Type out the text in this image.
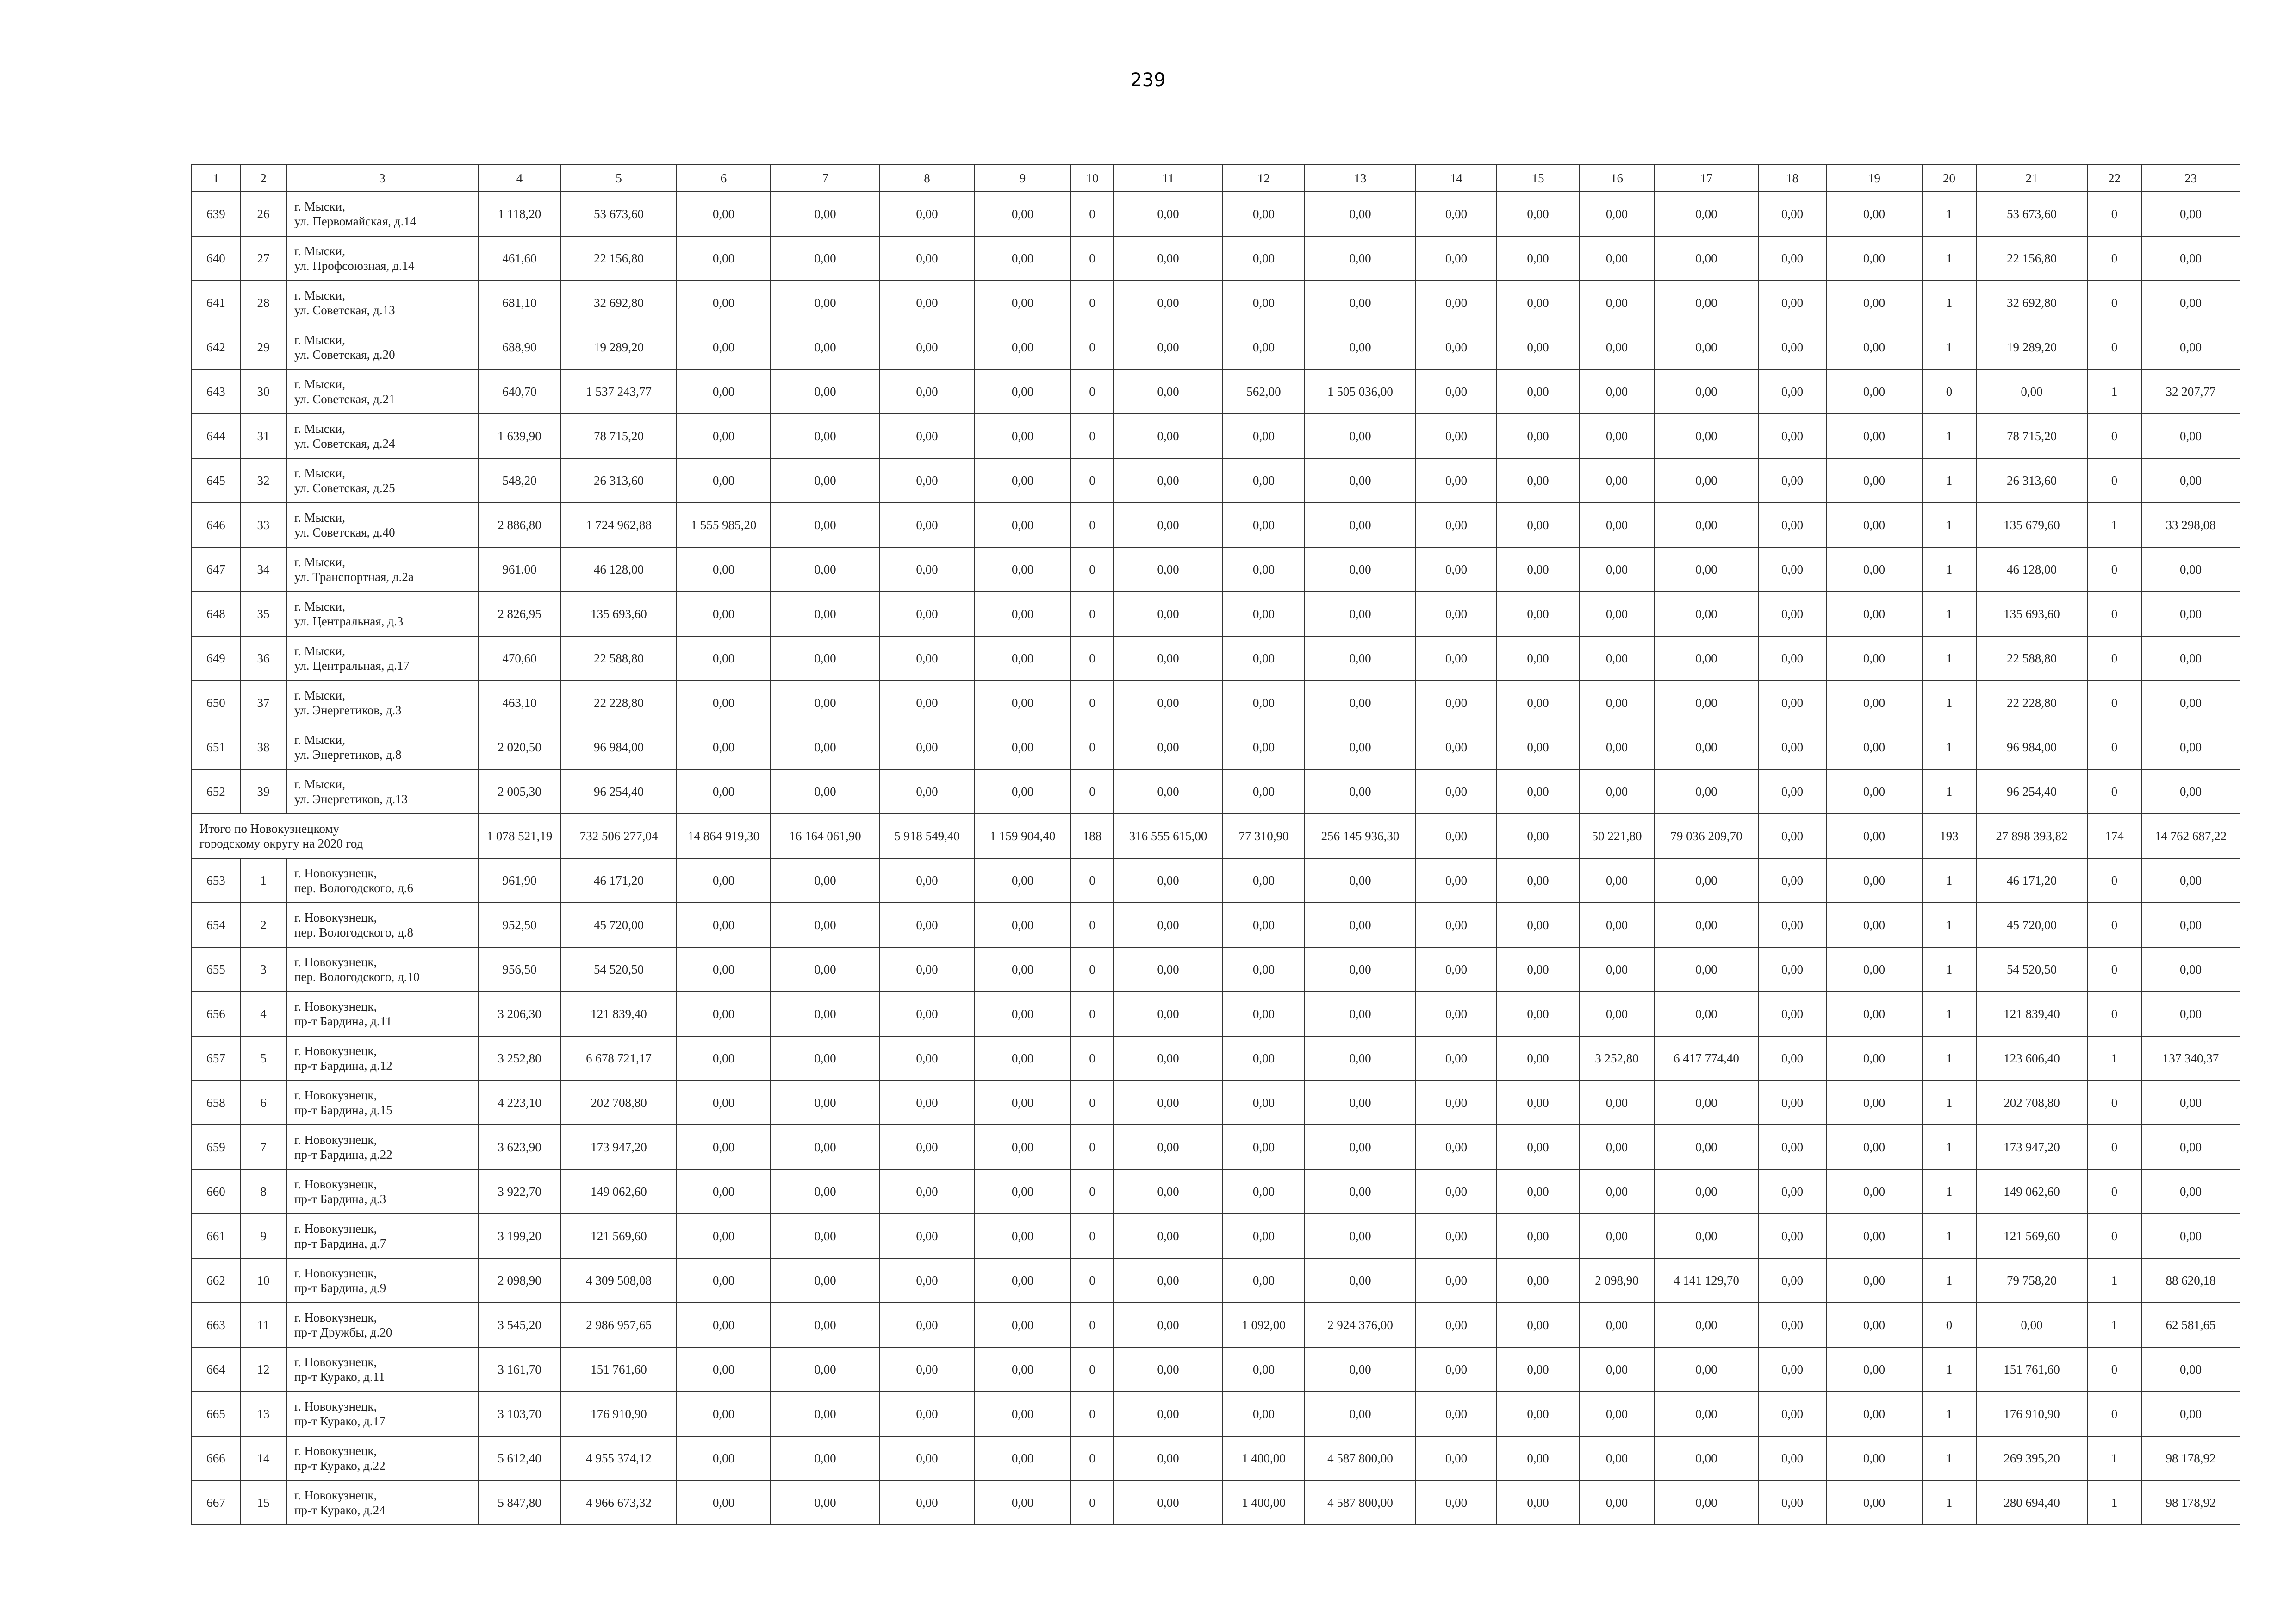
239
1	2	3	4	5	6	7	8	9	10	11	12	13	14	15	16	17	18	19	20	21	22	23
639	26	г. Мыски,
ул. Первомайская, д.14	1 118,20	53 673,60	0,00	0,00	0,00	0,00	0	0,00	0,00	0,00	0,00	0,00	0,00	0,00	0,00	0,00	1	53 673,60	0	0,00
640	27	г. Мыски,
ул. Профсоюзная, д.14	461,60	22 156,80	0,00	0,00	0,00	0,00	0	0,00	0,00	0,00	0,00	0,00	0,00	0,00	0,00	0,00	1	22 156,80	0	0,00
641	28	г. Мыски,
ул. Советская, д.13	681,10	32 692,80	0,00	0,00	0,00	0,00	0	0,00	0,00	0,00	0,00	0,00	0,00	0,00	0,00	0,00	1	32 692,80	0	0,00
642	29	г. Мыски,
ул. Советская, д.20	688,90	19 289,20	0,00	0,00	0,00	0,00	0	0,00	0,00	0,00	0,00	0,00	0,00	0,00	0,00	0,00	1	19 289,20	0	0,00
643	30	г. Мыски,
ул. Советская, д.21	640,70	1 537 243,77	0,00	0,00	0,00	0,00	0	0,00	562,00	1 505 036,00	0,00	0,00	0,00	0,00	0,00	0,00	0	0,00	1	32 207,77
644	31	г. Мыски,
ул. Советская, д.24	1 639,90	78 715,20	0,00	0,00	0,00	0,00	0	0,00	0,00	0,00	0,00	0,00	0,00	0,00	0,00	0,00	1	78 715,20	0	0,00
645	32	г. Мыски,
ул. Советская, д.25	548,20	26 313,60	0,00	0,00	0,00	0,00	0	0,00	0,00	0,00	0,00	0,00	0,00	0,00	0,00	0,00	1	26 313,60	0	0,00
646	33	г. Мыски,
ул. Советская, д.40	2 886,80	1 724 962,88	1 555 985,20	0,00	0,00	0,00	0	0,00	0,00	0,00	0,00	0,00	0,00	0,00	0,00	0,00	1	135 679,60	1	33 298,08
647	34	г. Мыски,
ул. Транспортная, д.2а	961,00	46 128,00	0,00	0,00	0,00	0,00	0	0,00	0,00	0,00	0,00	0,00	0,00	0,00	0,00	0,00	1	46 128,00	0	0,00
648	35	г. Мыски,
ул. Центральная, д.3	2 826,95	135 693,60	0,00	0,00	0,00	0,00	0	0,00	0,00	0,00	0,00	0,00	0,00	0,00	0,00	0,00	1	135 693,60	0	0,00
649	36	г. Мыски,
ул. Центральная, д.17	470,60	22 588,80	0,00	0,00	0,00	0,00	0	0,00	0,00	0,00	0,00	0,00	0,00	0,00	0,00	0,00	1	22 588,80	0	0,00
650	37	г. Мыски,
ул. Энергетиков, д.3	463,10	22 228,80	0,00	0,00	0,00	0,00	0	0,00	0,00	0,00	0,00	0,00	0,00	0,00	0,00	0,00	1	22 228,80	0	0,00
651	38	г. Мыски,
ул. Энергетиков, д.8	2 020,50	96 984,00	0,00	0,00	0,00	0,00	0	0,00	0,00	0,00	0,00	0,00	0,00	0,00	0,00	0,00	1	96 984,00	0	0,00
652	39	г. Мыски,
ул. Энергетиков, д.13	2 005,30	96 254,40	0,00	0,00	0,00	0,00	0	0,00	0,00	0,00	0,00	0,00	0,00	0,00	0,00	0,00	1	96 254,40	0	0,00

Итого по Новокузнецкому
городскому округу на 2020 год			1 078 521,19	732 506 277,04	14 864 919,30	16 164 061,90	5 918 549,40	1 159 904,40	188	316 555 615,00	77 310,90	256 145 936,30	0,00	0,00	50 221,80	79 036 209,70	0,00	0,00	193	27 898 393,82	174	14 762 687,22
653	1	г. Новокузнецк,
пер. Вологодского, д.6	961,90	46 171,20	0,00	0,00	0,00	0,00	0	0,00	0,00	0,00	0,00	0,00	0,00	0,00	0,00	0,00	1	46 171,20	0	0,00
654	2	г. Новокузнецк,
пер. Вологодского, д.8	952,50	45 720,00	0,00	0,00	0,00	0,00	0	0,00	0,00	0,00	0,00	0,00	0,00	0,00	0,00	0,00	1	45 720,00	0	0,00
655	3	г. Новокузнецк,
пер. Вологодского, д.10	956,50	54 520,50	0,00	0,00	0,00	0,00	0	0,00	0,00	0,00	0,00	0,00	0,00	0,00	0,00	0,00	1	54 520,50	0	0,00
656	4	г. Новокузнецк,
пр-т Бардина, д.11	3 206,30	121 839,40	0,00	0,00	0,00	0,00	0	0,00	0,00	0,00	0,00	0,00	0,00	0,00	0,00	0,00	1	121 839,40	0	0,00
657	5	г. Новокузнецк,
пр-т Бардина, д.12	3 252,80	6 678 721,17	0,00	0,00	0,00	0,00	0	0,00	0,00	0,00	0,00	0,00	3 252,80	6 417 774,40	0,00	0,00	1	123 606,40	1	137 340,37
658	6	г. Новокузнецк,
пр-т Бардина, д.15	4 223,10	202 708,80	0,00	0,00	0,00	0,00	0	0,00	0,00	0,00	0,00	0,00	0,00	0,00	0,00	0,00	1	202 708,80	0	0,00
659	7	г. Новокузнецк,
пр-т Бардина, д.22	3 623,90	173 947,20	0,00	0,00	0,00	0,00	0	0,00	0,00	0,00	0,00	0,00	0,00	0,00	0,00	0,00	1	173 947,20	0	0,00
660	8	г. Новокузнецк,
пр-т Бардина, д.3	3 922,70	149 062,60	0,00	0,00	0,00	0,00	0	0,00	0,00	0,00	0,00	0,00	0,00	0,00	0,00	0,00	1	149 062,60	0	0,00
661	9	г. Новокузнецк,
пр-т Бардина, д.7	3 199,20	121 569,60	0,00	0,00	0,00	0,00	0	0,00	0,00	0,00	0,00	0,00	0,00	0,00	0,00	0,00	1	121 569,60	0	0,00
662	10	г. Новокузнецк,
пр-т Бардина, д.9	2 098,90	4 309 508,08	0,00	0,00	0,00	0,00	0	0,00	0,00	0,00	0,00	0,00	2 098,90	4 141 129,70	0,00	0,00	1	79 758,20	1	88 620,18
663	11	г. Новокузнецк,
пр-т Дружбы, д.20	3 545,20	2 986 957,65	0,00	0,00	0,00	0,00	0	0,00	1 092,00	2 924 376,00	0,00	0,00	0,00	0,00	0,00	0,00	0	0,00	1	62 581,65
664	12	г. Новокузнецк,
пр-т Курако, д.11	3 161,70	151 761,60	0,00	0,00	0,00	0,00	0	0,00	0,00	0,00	0,00	0,00	0,00	0,00	0,00	0,00	1	151 761,60	0	0,00
665	13	г. Новокузнецк,
пр-т Курако, д.17	3 103,70	176 910,90	0,00	0,00	0,00	0,00	0	0,00	0,00	0,00	0,00	0,00	0,00	0,00	0,00	0,00	1	176 910,90	0	0,00
666	14	г. Новокузнецк,
пр-т Курако, д.22	5 612,40	4 955 374,12	0,00	0,00	0,00	0,00	0	0,00	1 400,00	4 587 800,00	0,00	0,00	0,00	0,00	0,00	0,00	1	269 395,20	1	98 178,92
667	15	г. Новокузнецк,
пр-т Курако, д.24	5 847,80	4 966 673,32	0,00	0,00	0,00	0,00	0	0,00	1 400,00	4 587 800,00	0,00	0,00	0,00	0,00	0,00	0,00	1	280 694,40	1	98 178,92
